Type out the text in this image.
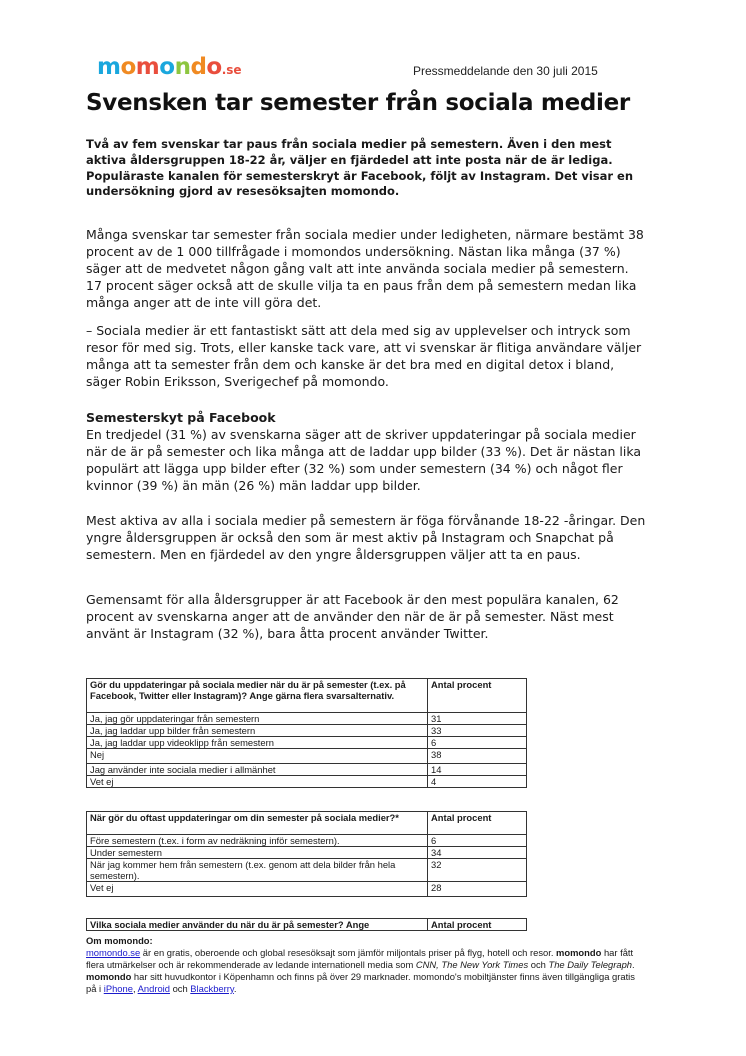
momondo.se	Pressmeddelande den 30 juli 2015
Svensken tar semester från sociala medier

Två av fem svenskar tar paus från sociala medier på semestern. Även i den mest aktiva åldersgruppen 18-22 år, väljer en fjärdedel att inte posta när de är lediga. Populäraste kanalen för semesterskryt är Facebook, följt av Instagram. Det visar en undersökning gjord av resesöksajten momondo.

Många svenskar tar semester från sociala medier under ledigheten, närmare bestämt 38 procent av de 1 000 tillfrågade i momondos undersökning. Nästan lika många (37 %) säger att de medvetet någon gång valt att inte använda sociala medier på semestern. 17 procent säger också att de skulle vilja ta en paus från dem på semestern medan lika många anger att de inte vill göra det.

– Sociala medier är ett fantastiskt sätt att dela med sig av upplevelser och intryck som resor för med sig. Trots, eller kanske tack vare, att vi svenskar är flitiga användare väljer många att ta semester från dem och kanske är det bra med en digital detox i bland, säger Robin Eriksson, Sverigechef på momondo.

Semesterskyt på Facebook
En tredjedel (31 %) av svenskarna säger att de skriver uppdateringar på sociala medier när de är på semester och lika många att de laddar upp bilder (33 %). Det är nästan lika populärt att lägga upp bilder efter (32 %) som under semestern (34 %) och något fler kvinnor (39 %) än män (26 %) män laddar upp bilder.

Mest aktiva av alla i sociala medier på semestern är föga förvånande 18-22 -åringar. Den yngre åldersgruppen är också den som är mest aktiv på Instagram och Snapchat på semestern. Men en fjärdedel av den yngre åldersgruppen väljer att ta en paus.

Gemensamt för alla åldersgrupper är att Facebook är den mest populära kanalen, 62 procent av svenskarna anger att de använder den när de är på semester. Näst mest använt är Instagram (32 %), bara åtta procent använder Twitter.

Gör du uppdateringar på sociala medier när du är på semester (t.ex. på Facebook, Twitter eller Instagram)? Ange gärna flera svarsalternativ.	Antal procent
Ja, jag gör uppdateringar från semestern	31
Ja, jag laddar upp bilder från semestern	33
Ja, jag laddar upp videoklipp från semestern	6
Nej	38
Jag använder inte sociala medier i allmänhet	14
Vet ej	4
När gör du oftast uppdateringar om din semester på sociala medier?*	Antal procent
Före semestern (t.ex. i form av nedräkning inför semestern).	6
Under semestern	34
När jag kommer hem från semestern (t.ex. genom att dela bilder från hela semestern).	32
Vet ej	28
Vilka sociala medier använder du när du är på semester? Ange	Antal procent
Om momondo:
momondo.se är en gratis, oberoende och global resesöksajt som jämför miljontals priser på flyg, hotell och resor. momondo har fått flera utmärkelser och är rekommenderade av ledande internationell media som CNN, The New York Times och The Daily Telegraph. momondo har sitt huvudkontor i Köpenhamn och finns på över 29 marknader. momondo's mobiltjänster finns även tillgängliga gratis på i iPhone, Android och Blackberry.
